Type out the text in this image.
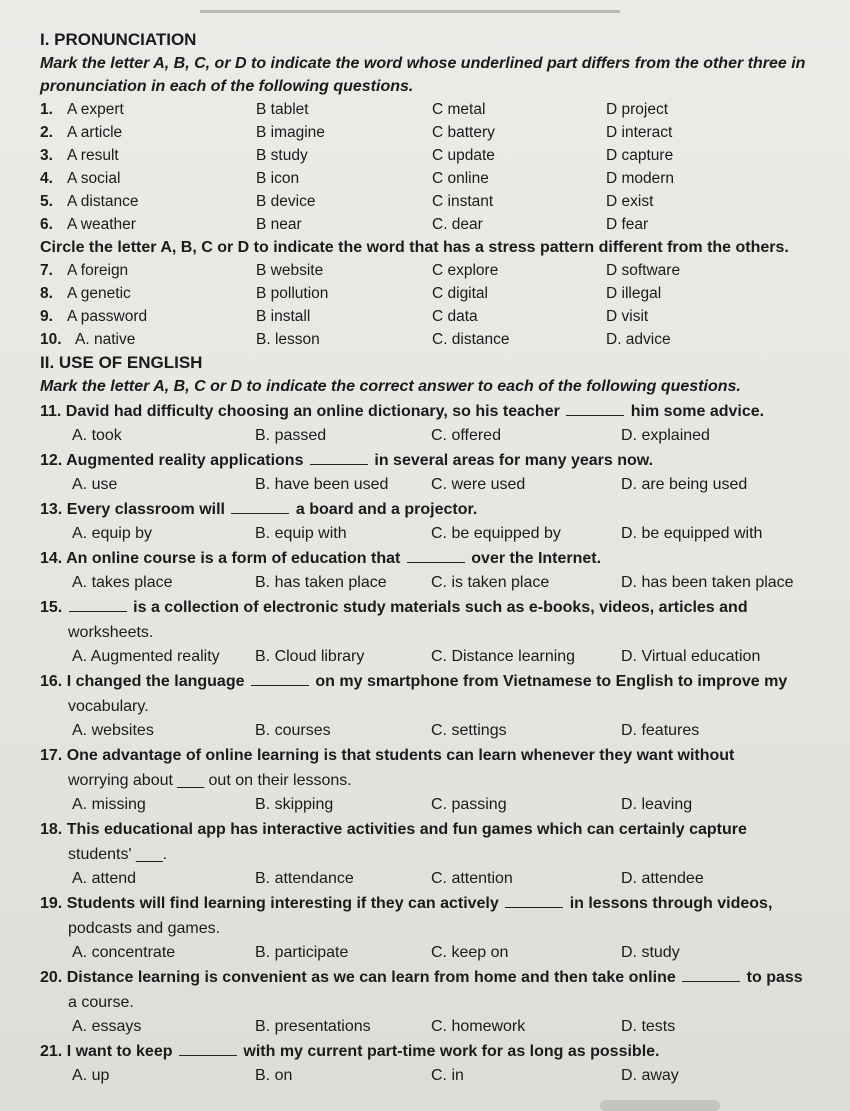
I. PRONUNCIATION
Mark the letter A, B, C, or D to indicate the word whose underlined part differs from the other three in pronunciation in each of the following questions.
1. A expert	B tablet	C metal	D project
2. A article	B imagine	C battery	D interact
3. A result	B study	C update	D capture
4. A social	B icon	C online	D modern
5. A distance	B device	C instant	D exist
6. A weather	B near	C. dear	D fear
Circle the letter A, B, C or D to indicate the word that has a stress pattern different from the others.
7. A foreign	B website	C explore	D software
8. A genetic	B pollution	C digital	D illegal
9. A password	B install	C data	D visit
10. A. native	B. lesson	C. distance	D. advice
II. USE OF ENGLISH
Mark the letter A, B, C or D to indicate the correct answer to each of the following questions.
11. David had difficulty choosing an online dictionary, so his teacher	him some advice.
A. took	B. passed	C. offered	D. explained
12. Augmented reality applications	in several areas for many years now.
A. use	B. have been used	C. were used	D. are being used
13. Every classroom will	a board and a projector.
A. equip by	B. equip with	C. be equipped by	D. be equipped with
14. An online course is a form of education that	over the Internet.
A. takes place	B. has taken place	C. is taken place	D. has been taken place
15.	is a collection of electronic study materials such as e-books, videos, articles and
worksheets.
A. Augmented reality B. Cloud library	C. Distance learning	D. Virtual education
16. I changed the language	on my smartphone from Vietnamese to English to improve my
vocabulary.
A. websites	B. courses	C. settings	D. features
17. One advantage of online learning is that students can learn whenever they want without
worrying about ___ out on their lessons.
A. missing	B. skipping	C. passing	D. leaving
18. This educational app has interactive activities and fun games which can certainly capture
students' ___.
A. attend	B. attendance	C. attention	D. attendee
19. Students will find learning interesting if they can actively	in lessons through videos,
podcasts and games.
A. concentrate	B. participate	C. keep on	D. study
20. Distance learning is convenient as we can learn from home and then take online	to pass
a course.
A. essays	B. presentations	C. homework	D. tests
21. I want to keep	with my current part-time work for as long as possible.
A. up	B. on	C. in	D. away
